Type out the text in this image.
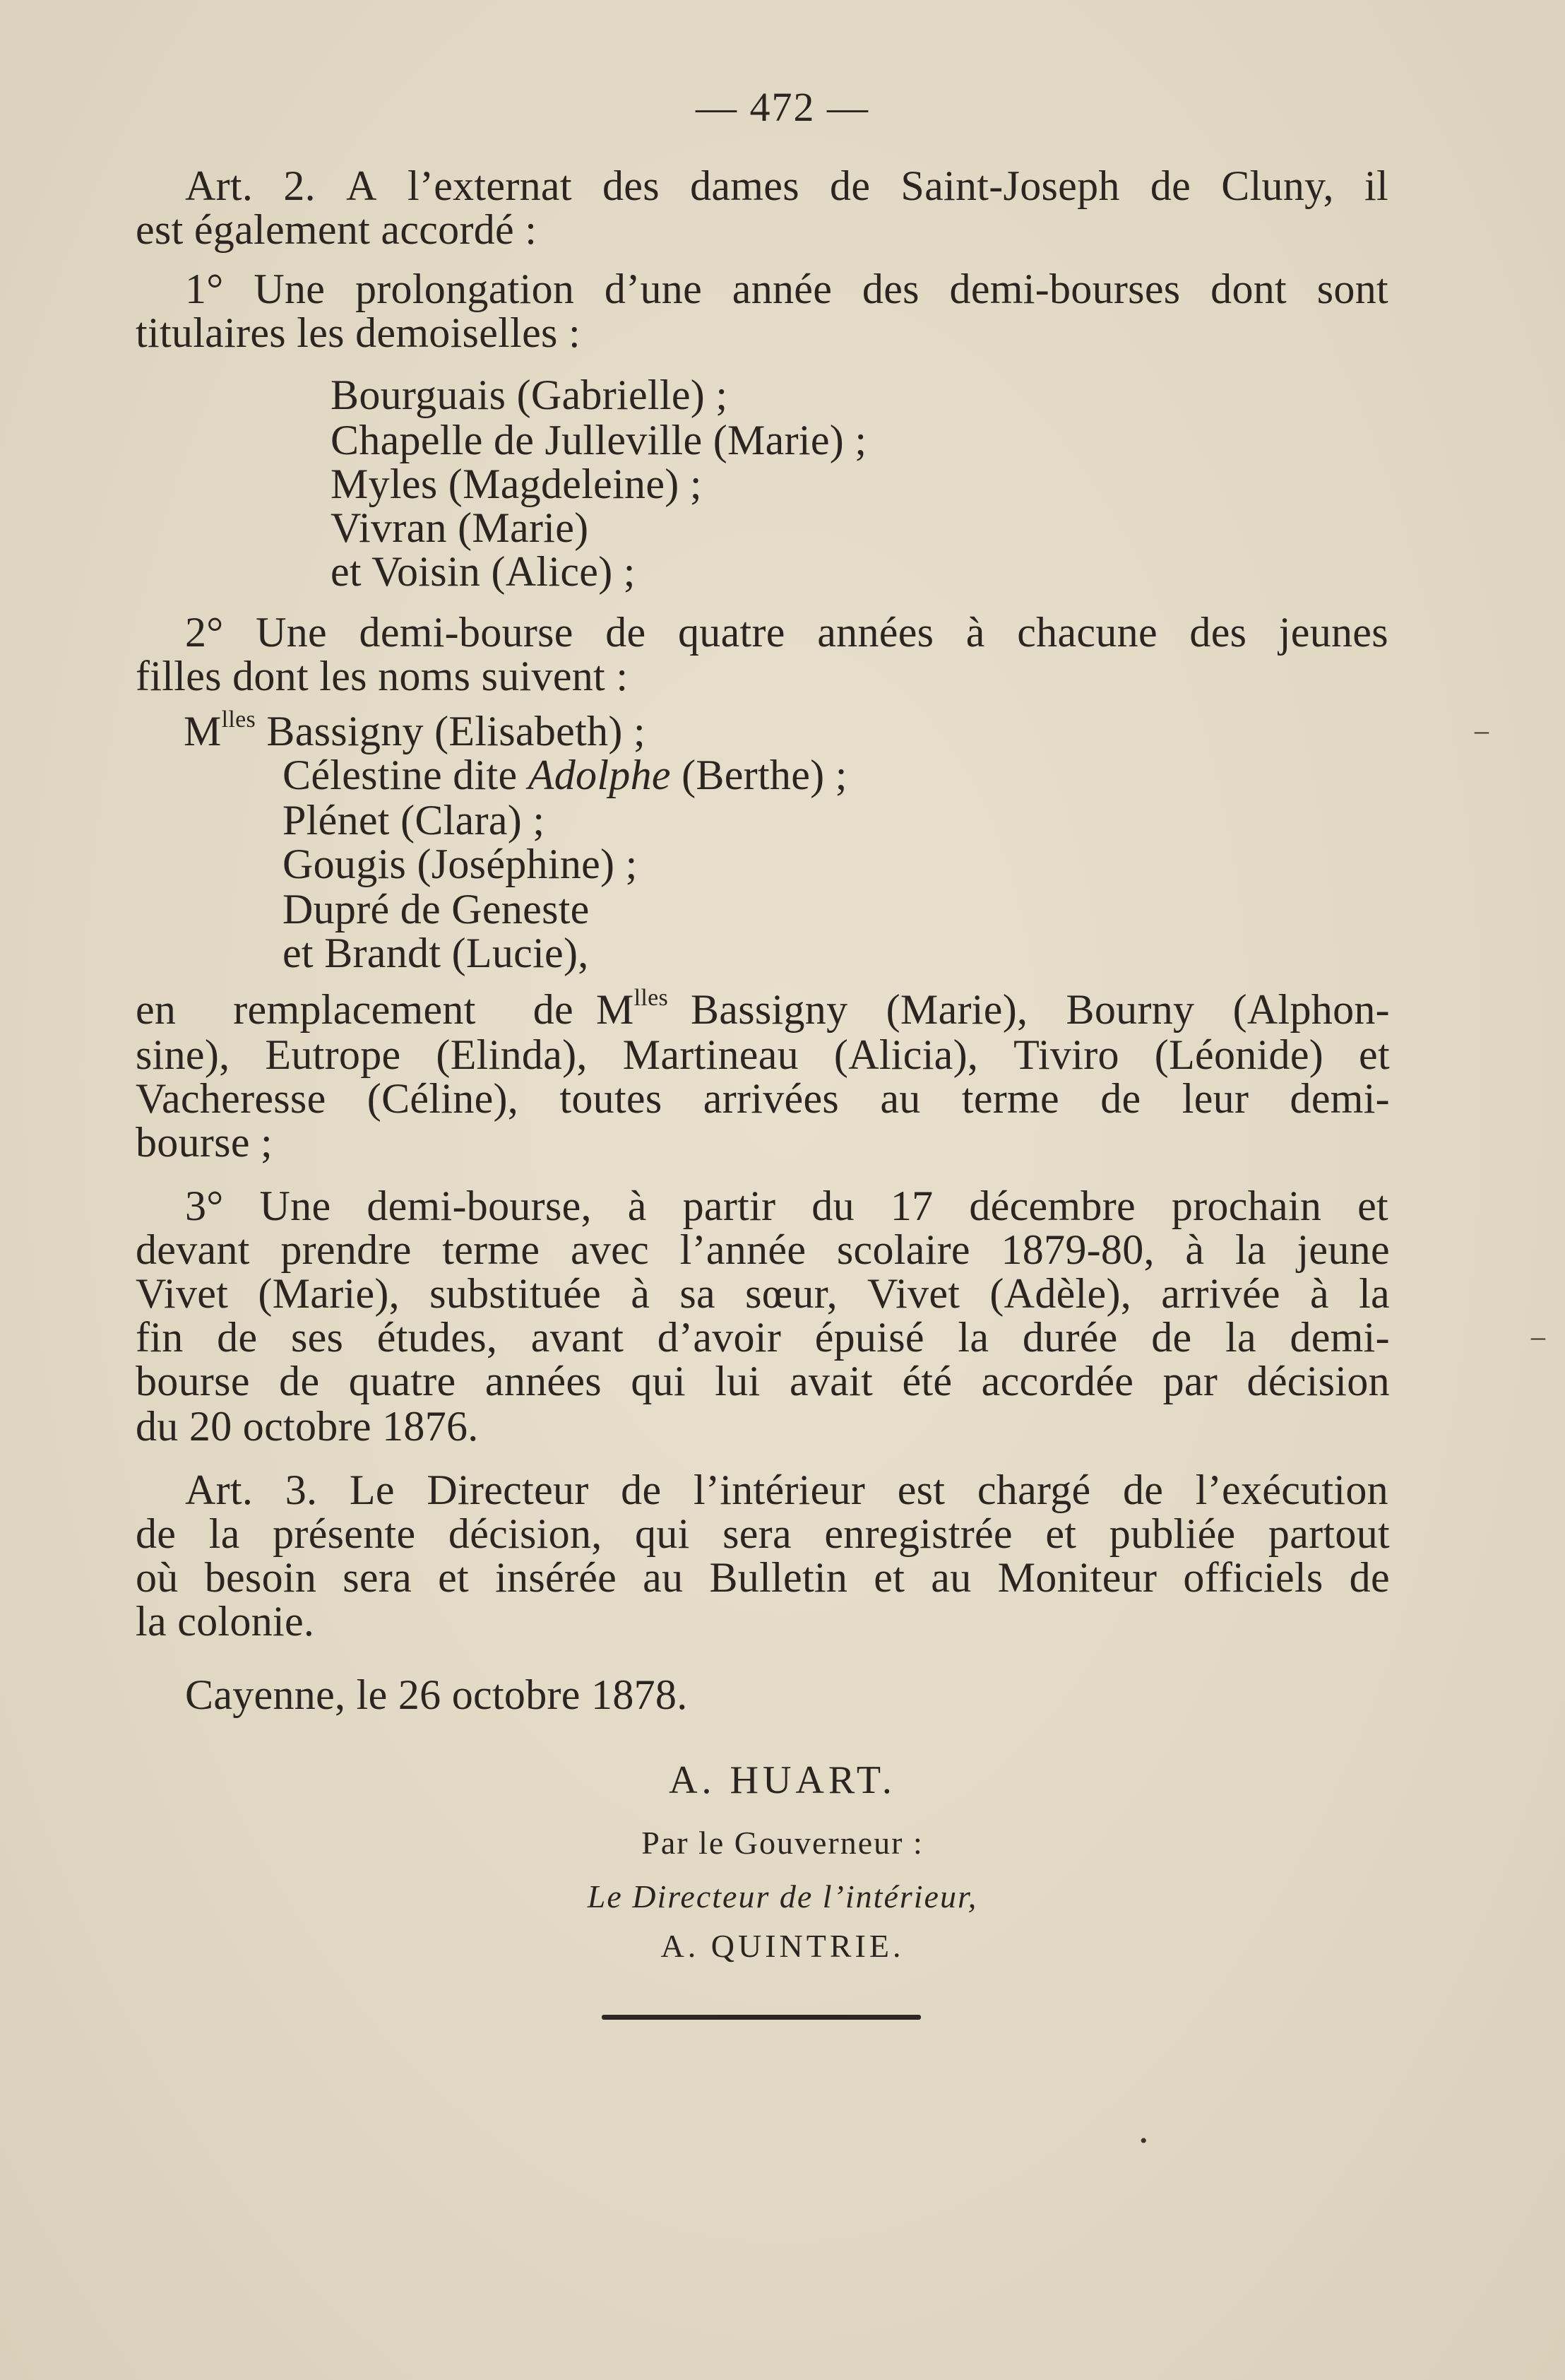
— 472 —
Art. 2. A l’externat des dames de Saint-Joseph de Cluny, il
est également accordé :
1° Une prolongation d’une année des demi-bourses dont sont
titulaires les demoiselles :
Bourguais (Gabrielle) ;
Chapelle de Julleville (Marie) ;
Myles (Magdeleine) ;
Vivran (Marie)
et Voisin (Alice) ;
2° Une demi-bourse de quatre années à chacune des jeunes
filles dont les noms suivent :
$M^{lles}$ Bassigny (Elisabeth) ;
Célestine dite Adolphe (Berthe) ;
Plénet (Clara) ;
Gougis (Joséphine) ;
Dupré de Geneste
et Brandt (Lucie),
en remplacement de $M^{lles}$ Bassigny (Marie), Bourny (Alphon-
sine), Eutrope (Elinda), Martineau (Alicia), Tiviro (Léonide) et
Vacheresse (Céline), toutes arrivées au terme de leur demi-
bourse ;
3° Une demi-bourse, à partir du 17 décembre prochain et
devant prendre terme avec l’année scolaire 1879-80, à la jeune
Vivet (Marie), substituée à sa sœur, Vivet (Adèle), arrivée à la
fin de ses études, avant d’avoir épuisé la durée de la demi-
bourse de quatre années qui lui avait été accordée par décision
du 20 octobre 1876.
Art. 3. Le Directeur de l’intérieur est chargé de l’exécution
de la présente décision, qui sera enregistrée et publiée partout
où besoin sera et insérée au Bulletin et au Moniteur officiels de
la colonie.
Cayenne, le 26 octobre 1878.
A. HUART.
Par le Gouverneur :
Le Directeur de l’intérieur,
A. QUINTRIE.
‒
‒
•
